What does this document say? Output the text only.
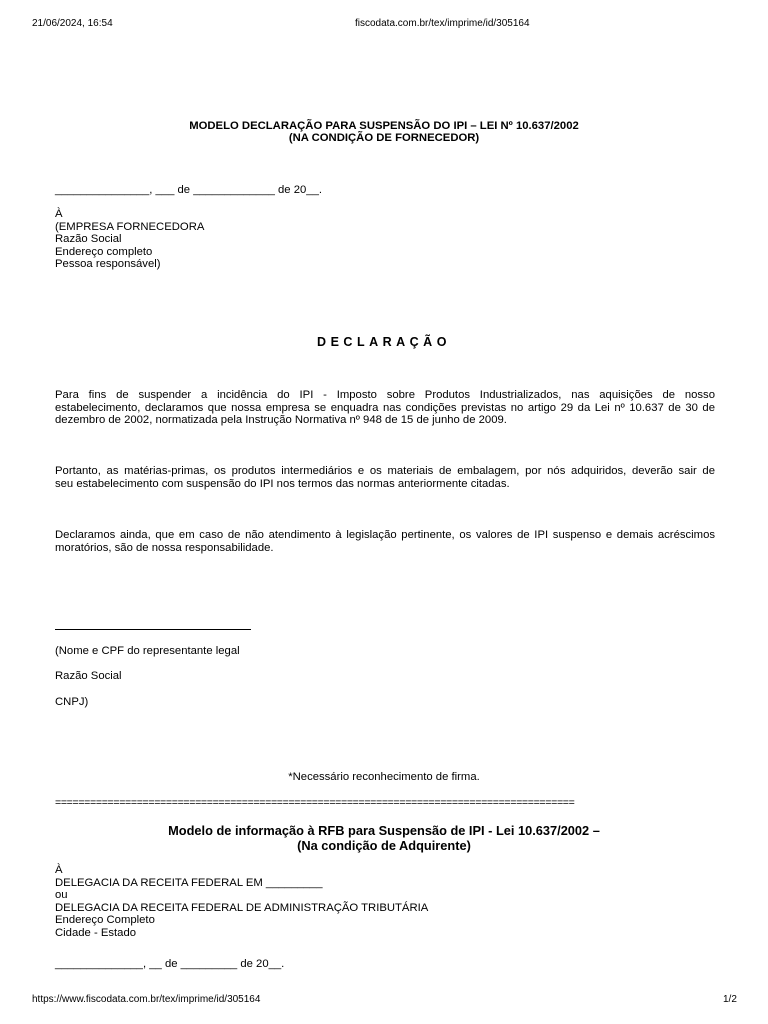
21/06/2024, 16:54	fiscodata.com.br/tex/imprime/id/305164
MODELO DECLARAÇÃO PARA SUSPENSÃO DO IPI – LEI Nº 10.637/2002
(NA CONDIÇÃO DE FORNECEDOR)
_______________, ___ de _____________ de 20__.
À
(EMPRESA FORNECEDORA
Razão Social
Endereço completo
Pessoa responsável)
DECLARAÇÃO
Para fins de suspender a incidência do IPI - Imposto sobre Produtos Industrializados, nas aquisições de nosso
estabelecimento, declaramos que nossa empresa se enquadra nas condições previstas no artigo 29 da Lei nº 10.637 de 30 de
dezembro de 2002, normatizada pela Instrução Normativa nº 948 de 15 de junho de 2009.
Portanto, as matérias-primas, os produtos intermediários e os materiais de embalagem, por nós adquiridos, deverão sair de
seu estabelecimento com suspensão do IPI nos termos das normas anteriormente citadas.
Declaramos ainda, que em caso de não atendimento à legislação pertinente, os valores de IPI suspenso e demais acréscimos
moratórios, são de nossa responsabilidade.
(Nome e CPF do representante legal
Razão Social
CNPJ)
*Necessário reconhecimento de firma.
=========================================================================================
Modelo de informação à RFB para Suspensão de IPI - Lei 10.637/2002 –
(Na condição de Adquirente)
À
DELEGACIA DA RECEITA FEDERAL EM _________
ou
DELEGACIA DA RECEITA FEDERAL DE ADMINISTRAÇÃO TRIBUTÁRIA
Endereço Completo
Cidade - Estado
______________, __ de _________ de 20__.
https://www.fiscodata.com.br/tex/imprime/id/305164	1/2
